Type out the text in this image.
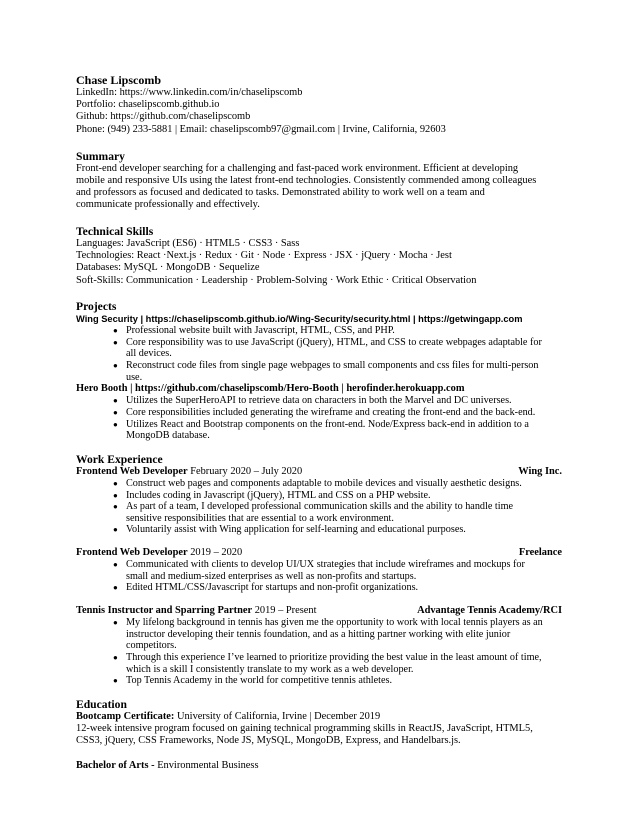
Chase Lipscomb
LinkedIn: https://www.linkedin.com/in/chaselipscomb
Portfolio: chaselipscomb.github.io
Github: https://github.com/chaselipscomb
Phone: (949) 233-5881 | Email: chaselipscomb97@gmail.com | Irvine, California, 92603
Summary
Front-end developer searching for a challenging and fast-paced work environment. Efficient at developing
mobile and responsive UIs using the latest front-end technologies. Consistently commended among colleagues
and professors as focused and dedicated to tasks. Demonstrated ability to work well on a team and
communicate professionally and effectively.
Technical Skills
Languages: JavaScript (ES6) · HTML5 · CSS3 · Sass
Technologies: React ·Next.js · Redux · Git · Node · Express · JSX · jQuery · Mocha · Jest
Databases: MySQL · MongoDB · Sequelize
Soft-Skills: Communication · Leadership · Problem-Solving · Work Ethic · Critical Observation
Projects
Wing Security | https://chaselipscomb.github.io/Wing-Security/security.html | https://getwingapp.com
● Professional website built with Javascript, HTML, CSS, and PHP.
● Core responsibility was to use JavaScript (jQuery), HTML, and CSS to create webpages adaptable for
all devices.
● Reconstruct code files from single page webpages to small components and css files for multi-person
use.
Hero Booth | https://github.com/chaselipscomb/Hero-Booth | herofinder.herokuapp.com
● Utilizes the SuperHeroAPI to retrieve data on characters in both the Marvel and DC universes.
● Core responsibilities included generating the wireframe and creating the front-end and the back-end.
● Utilizes React and Bootstrap components on the front-end. Node/Express back-end in addition to a
MongoDB database.
Work Experience
Frontend Web Developer February 2020 – July 2020	Wing Inc.
● Construct web pages and components adaptable to mobile devices and visually aesthetic designs.
● Includes coding in Javascript (jQuery), HTML and CSS on a PHP website.
● As part of a team, I developed professional communication skills and the ability to handle time
sensitive responsibilities that are essential to a work environment.
● Voluntarily assist with Wing application for self-learning and educational purposes.
Frontend Web Developer 2019 – 2020	Freelance
● Communicated with clients to develop UI/UX strategies that include wireframes and mockups for
small and medium-sized enterprises as well as non-profits and startups.
● Edited HTML/CSS/Javascript for startups and non-profit organizations.
Tennis Instructor and Sparring Partner 2019 – Present	Advantage Tennis Academy/RCI
● My lifelong background in tennis has given me the opportunity to work with local tennis players as an
instructor developing their tennis foundation, and as a hitting partner working with elite junior
competitors.
● Through this experience I’ve learned to prioritize providing the best value in the least amount of time,
which is a skill I consistently translate to my work as a web developer.
● Top Tennis Academy in the world for competitive tennis athletes.
Education
Bootcamp Certificate: University of California, Irvine | December 2019
12-week intensive program focused on gaining technical programming skills in ReactJS, JavaScript, HTML5,
CSS3, jQuery, CSS Frameworks, Node JS, MySQL, MongoDB, Express, and Handelbars.js.
Bachelor of Arts - Environmental Business
